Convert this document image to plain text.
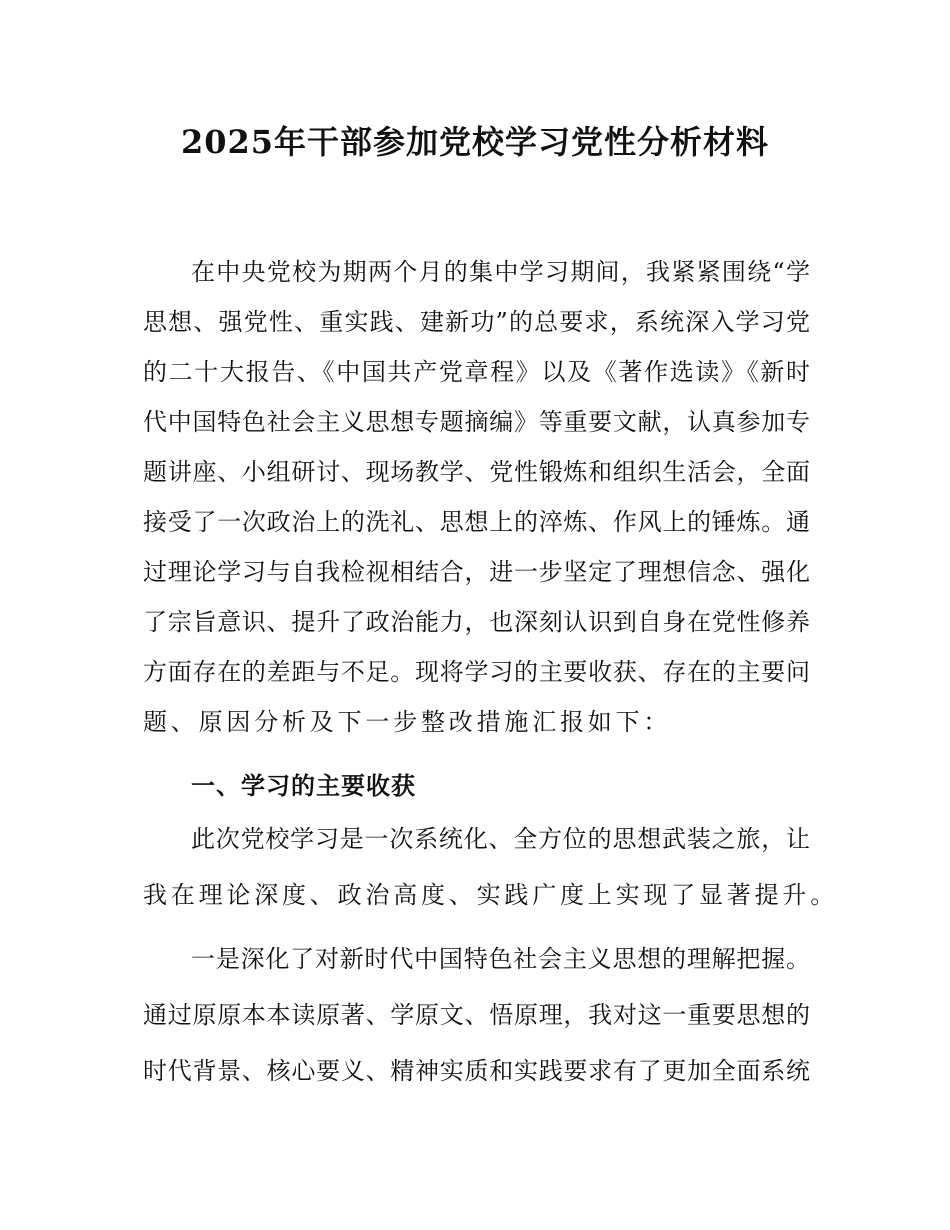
2025年干部参加党校学习党性分析材料
在中央党校为期两个月的集中学习期间，我紧紧围绕“学
思想、强党性、重实践、建新功”的总要求，系统深入学习党
的二十大报告、《中国共产党章程》以及《著作选读》《新时
代中国特色社会主义思想专题摘编》等重要文献，认真参加专
题讲座、小组研讨、现场教学、党性锻炼和组织生活会，全面
接受了一次政治上的洗礼、思想上的淬炼、作风上的锤炼。通
过理论学习与自我检视相结合，进一步坚定了理想信念、强化
了宗旨意识、提升了政治能力，也深刻认识到自身在党性修养
方面存在的差距与不足。现将学习的主要收获、存在的主要问
题、原因分析及下一步整改措施汇报如下：
一、学习的主要收获
此次党校学习是一次系统化、全方位的思想武装之旅，让
我在理论深度、政治高度、实践广度上实现了显著提升。
一是深化了对新时代中国特色社会主义思想的理解把握。
通过原原本本读原著、学原文、悟原理，我对这一重要思想的
时代背景、核心要义、精神实质和实践要求有了更加全面系统
